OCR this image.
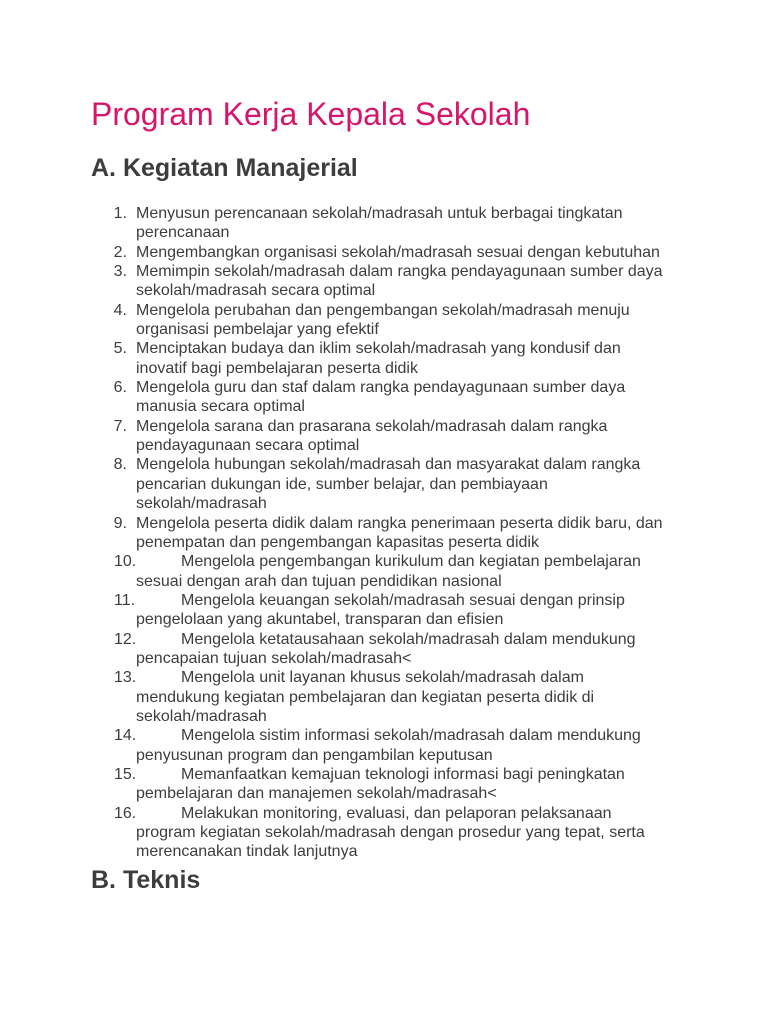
Program Kerja Kepala Sekolah
A. Kegiatan Manajerial
1. Menyusun perencanaan sekolah/madrasah untuk berbagai tingkatan
perencanaan
2. Mengembangkan organisasi sekolah/madrasah sesuai dengan kebutuhan
3. Memimpin sekolah/madrasah dalam rangka pendayagunaan sumber daya
sekolah/madrasah secara optimal
4. Mengelola perubahan dan pengembangan sekolah/madrasah menuju
organisasi pembelajar yang efektif
5. Menciptakan budaya dan iklim sekolah/madrasah yang kondusif dan
inovatif bagi pembelajaran peserta didik
6. Mengelola guru dan staf dalam rangka pendayagunaan sumber daya
manusia secara optimal
7. Mengelola sarana dan prasarana sekolah/madrasah dalam rangka
pendayagunaan secara optimal
8. Mengelola hubungan sekolah/madrasah dan masyarakat dalam rangka
pencarian dukungan ide, sumber belajar, dan pembiayaan
sekolah/madrasah
9. Mengelola peserta didik dalam rangka penerimaan peserta didik baru, dan
penempatan dan pengembangan kapasitas peserta didik
10.	Mengelola pengembangan kurikulum dan kegiatan pembelajaran
sesuai dengan arah dan tujuan pendidikan nasional
11.	Mengelola keuangan sekolah/madrasah sesuai dengan prinsip
pengelolaan yang akuntabel, transparan dan efisien
12.	Mengelola ketatausahaan sekolah/madrasah dalam mendukung
pencapaian tujuan sekolah/madrasah<
13.	Mengelola unit layanan khusus sekolah/madrasah dalam
mendukung kegiatan pembelajaran dan kegiatan peserta didik di
sekolah/madrasah
14.	Mengelola sistim informasi sekolah/madrasah dalam mendukung
penyusunan program dan pengambilan keputusan
15.	Memanfaatkan kemajuan teknologi informasi bagi peningkatan
pembelajaran dan manajemen sekolah/madrasah<
16.	Melakukan monitoring, evaluasi, dan pelaporan pelaksanaan
program kegiatan sekolah/madrasah dengan prosedur yang tepat, serta
merencanakan tindak lanjutnya
B. Teknis
